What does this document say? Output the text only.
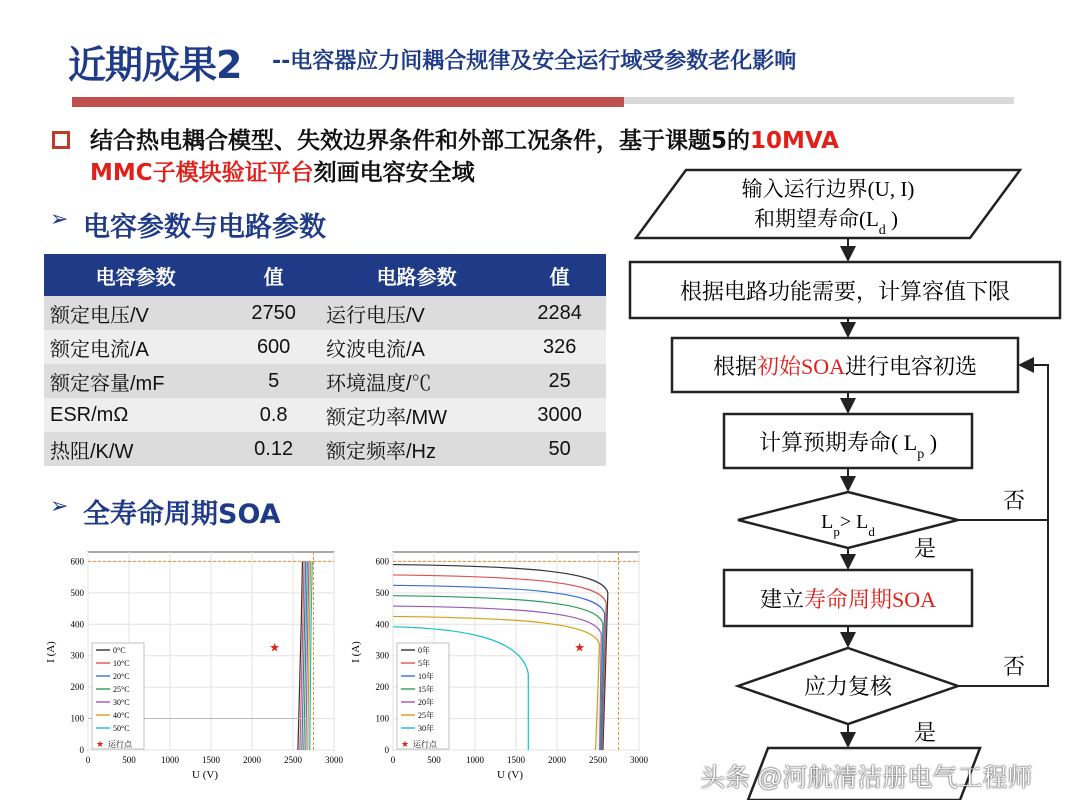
近期成果2 --电容器应力间耦合规律及安全运行域受参数老化影响
结合热电耦合模型、失效边界条件和外部工况条件，基于课题5的10MVA
MMC子模块验证平台刻画电容安全域
➢ 电容参数与电路参数
电容参数	值	电路参数	值
额定电压/V	2750	运行电压/V	2284
额定电流/A	600	纹波电流/A	326
额定容量/mF	5	环境温度/℃	25
ESR/mΩ	0.8	额定功率/MW	3000
热阻/K/W	0.12	额定频率/Hz	50
➢ 全寿命周期SOA
0
100
200
300
400
500
600
0	500	1000	1500	2000	2500	3000
0°C
10°C
20°C
25°C
30°C
40°C
50°C
★ 运行点
★
U (V)
I (A)
0
100
200
300
400
500
600
0	500	1000	1500	2000	2500	3000
0年
5年
10年
15年
20年
25年
30年
★ 运行点
★
U (V)
I (A)
输入运行边界(U, I)
和期望寿命($L_d$ )
根据电路功能需要，计算容值下限
根据初始SOA进行电容初选
计算预期寿命( $L_p$ )
$L_p> L_d$
否
是
建立寿命周期SOA
应力复核
否
是
头条 @河航清洁册电气工程师
